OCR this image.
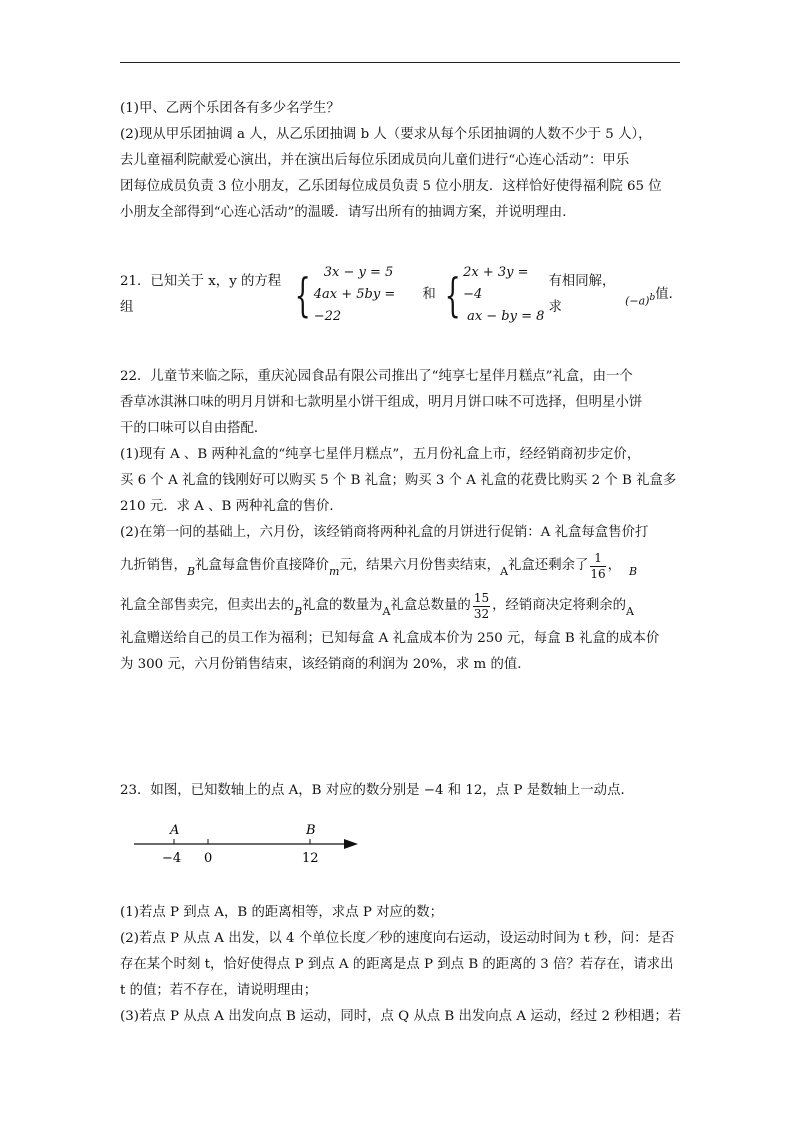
(1)甲、乙两个乐团各有多少名学生？
(2)现从甲乐团抽调 a 人，从乙乐团抽调 b 人（要求从每个乐团抽调的人数不少于 5 人），
去儿童福利院献爱心演出，并在演出后每位乐团成员向儿童们进行“心连心活动”：甲乐
团每位成员负责 3 位小朋友，乙乐团每位成员负责 5 位小朋友．这样恰好使得福利院 65 位
小朋友全部得到“心连心活动”的温暖．请写出所有的抽调方案，并说明理由．
21．已知关于 x，y 的方程组	{ 3x − y = 5
4ax + 5by = −22
和 { 2x + 3y = −4
ax − by = 8
有相同解，求	$(-a)^b$ 值．
22．儿童节来临之际，重庆沁园食品有限公司推出了“纯享七星伴月糕点”礼盒，由一个
香草冰淇淋口味的明月月饼和七款明星小饼干组成，明月月饼口味不可选择，但明星小饼
干的口味可以自由搭配．
(1)现有 A 、B 两种礼盒的“纯享七星伴月糕点”，五月份礼盒上市，经经销商初步定价，
买 6 个 A 礼盒的钱刚好可以购买 5 个 B 礼盒；购买 3 个 A 礼盒的花费比购买 2 个 B 礼盒多
210 元．求 A 、B 两种礼盒的售价．
(2)在第一问的基础上，六月份，该经销商将两种礼盒的月饼进行促销：A 礼盒每盒售价打
九折销售， B 礼盒每盒售价直接降价 m 元，结果六月份售卖结束， A 礼盒还剩余了 $\frac{1}{16}$ ， B
礼盒全部售卖完，但卖出去的 B 礼盒的数量为 A 礼盒总数量的 $\frac{15}{32}$ ，经销商决定将剩余的 A
礼盒赠送给自己的员工作为福利；已知每盒 A 礼盒成本价为 250 元，每盒 B 礼盒的成本价
为 300 元，六月份销售结束，该经销商的利润为 20%，求 m 的值．
23．如图，已知数轴上的点 A，B 对应的数分别是 −4 和 12，点 P 是数轴上一动点．
A	B
−4 0	12
(1)若点 P 到点 A，B 的距离相等，求点 P 对应的数；
(2)若点 P 从点 A 出发，以 4 个单位长度／秒的速度向右运动，设运动时间为 t 秒，问：是否
存在某个时刻 t，恰好使得点 P 到点 A 的距离是点 P 到点 B 的距离的 3 倍？若存在，请求出
t 的值；若不存在，请说明理由；
(3)若点 P 从点 A 出发向点 B 运动，同时，点 Q 从点 B 出发向点 A 运动，经过 2 秒相遇；若
